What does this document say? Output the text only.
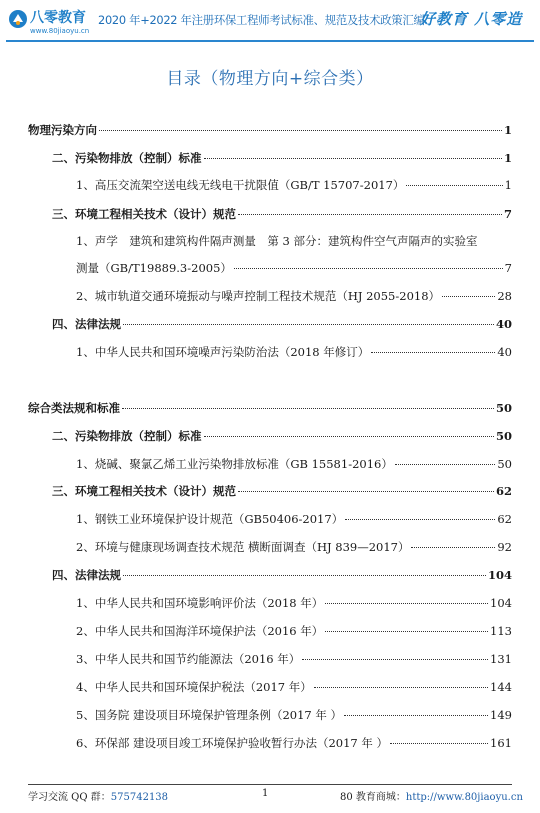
八零教育
www.80jiaoyu.cn
2020 年+2022 年注册环保工程师考试标准、规范及技术政策汇编
好教育 八零造
目录（物理方向+综合类）
物理污染方向	1
二、污染物排放（控制）标准	1
1、高压交流架空送电线无线电干扰限值（GB/T 15707-2017）	1
三、环境工程相关技术（设计）规范	7
1、声学　建筑和建筑构件隔声测量　第 3 部分：建筑构件空气声隔声的实验室
测量（GB/T19889.3-2005）	7
2、城市轨道交通环境振动与噪声控制工程技术规范（HJ 2055-2018）	28
四、法律法规	40
1、中华人民共和国环境噪声污染防治法（2018 年修订）	40
综合类法规和标准	50
二、污染物排放（控制）标准	50
1、烧碱、聚氯乙烯工业污染物排放标准（GB 15581-2016）	50
三、环境工程相关技术（设计）规范	62
1、钢铁工业环境保护设计规范（GB50406-2017）	62
2、环境与健康现场调查技术规范 横断面调查（HJ 839—2017）	92
四、法律法规	104
1、中华人民共和国环境影响评价法（2018 年）	104
2、中华人民共和国海洋环境保护法（2016 年）	113
3、中华人民共和国节约能源法（2016 年）	131
4、中华人民共和国环境保护税法（2017 年）	144
5、国务院 建设项目环境保护管理条例（2017 年 ）	149
6、环保部 建设项目竣工环境保护验收暂行办法（2017 年 ）	161
学习交流 QQ 群：575742138	1	80 教育商城：http://www.80jiaoyu.cn
